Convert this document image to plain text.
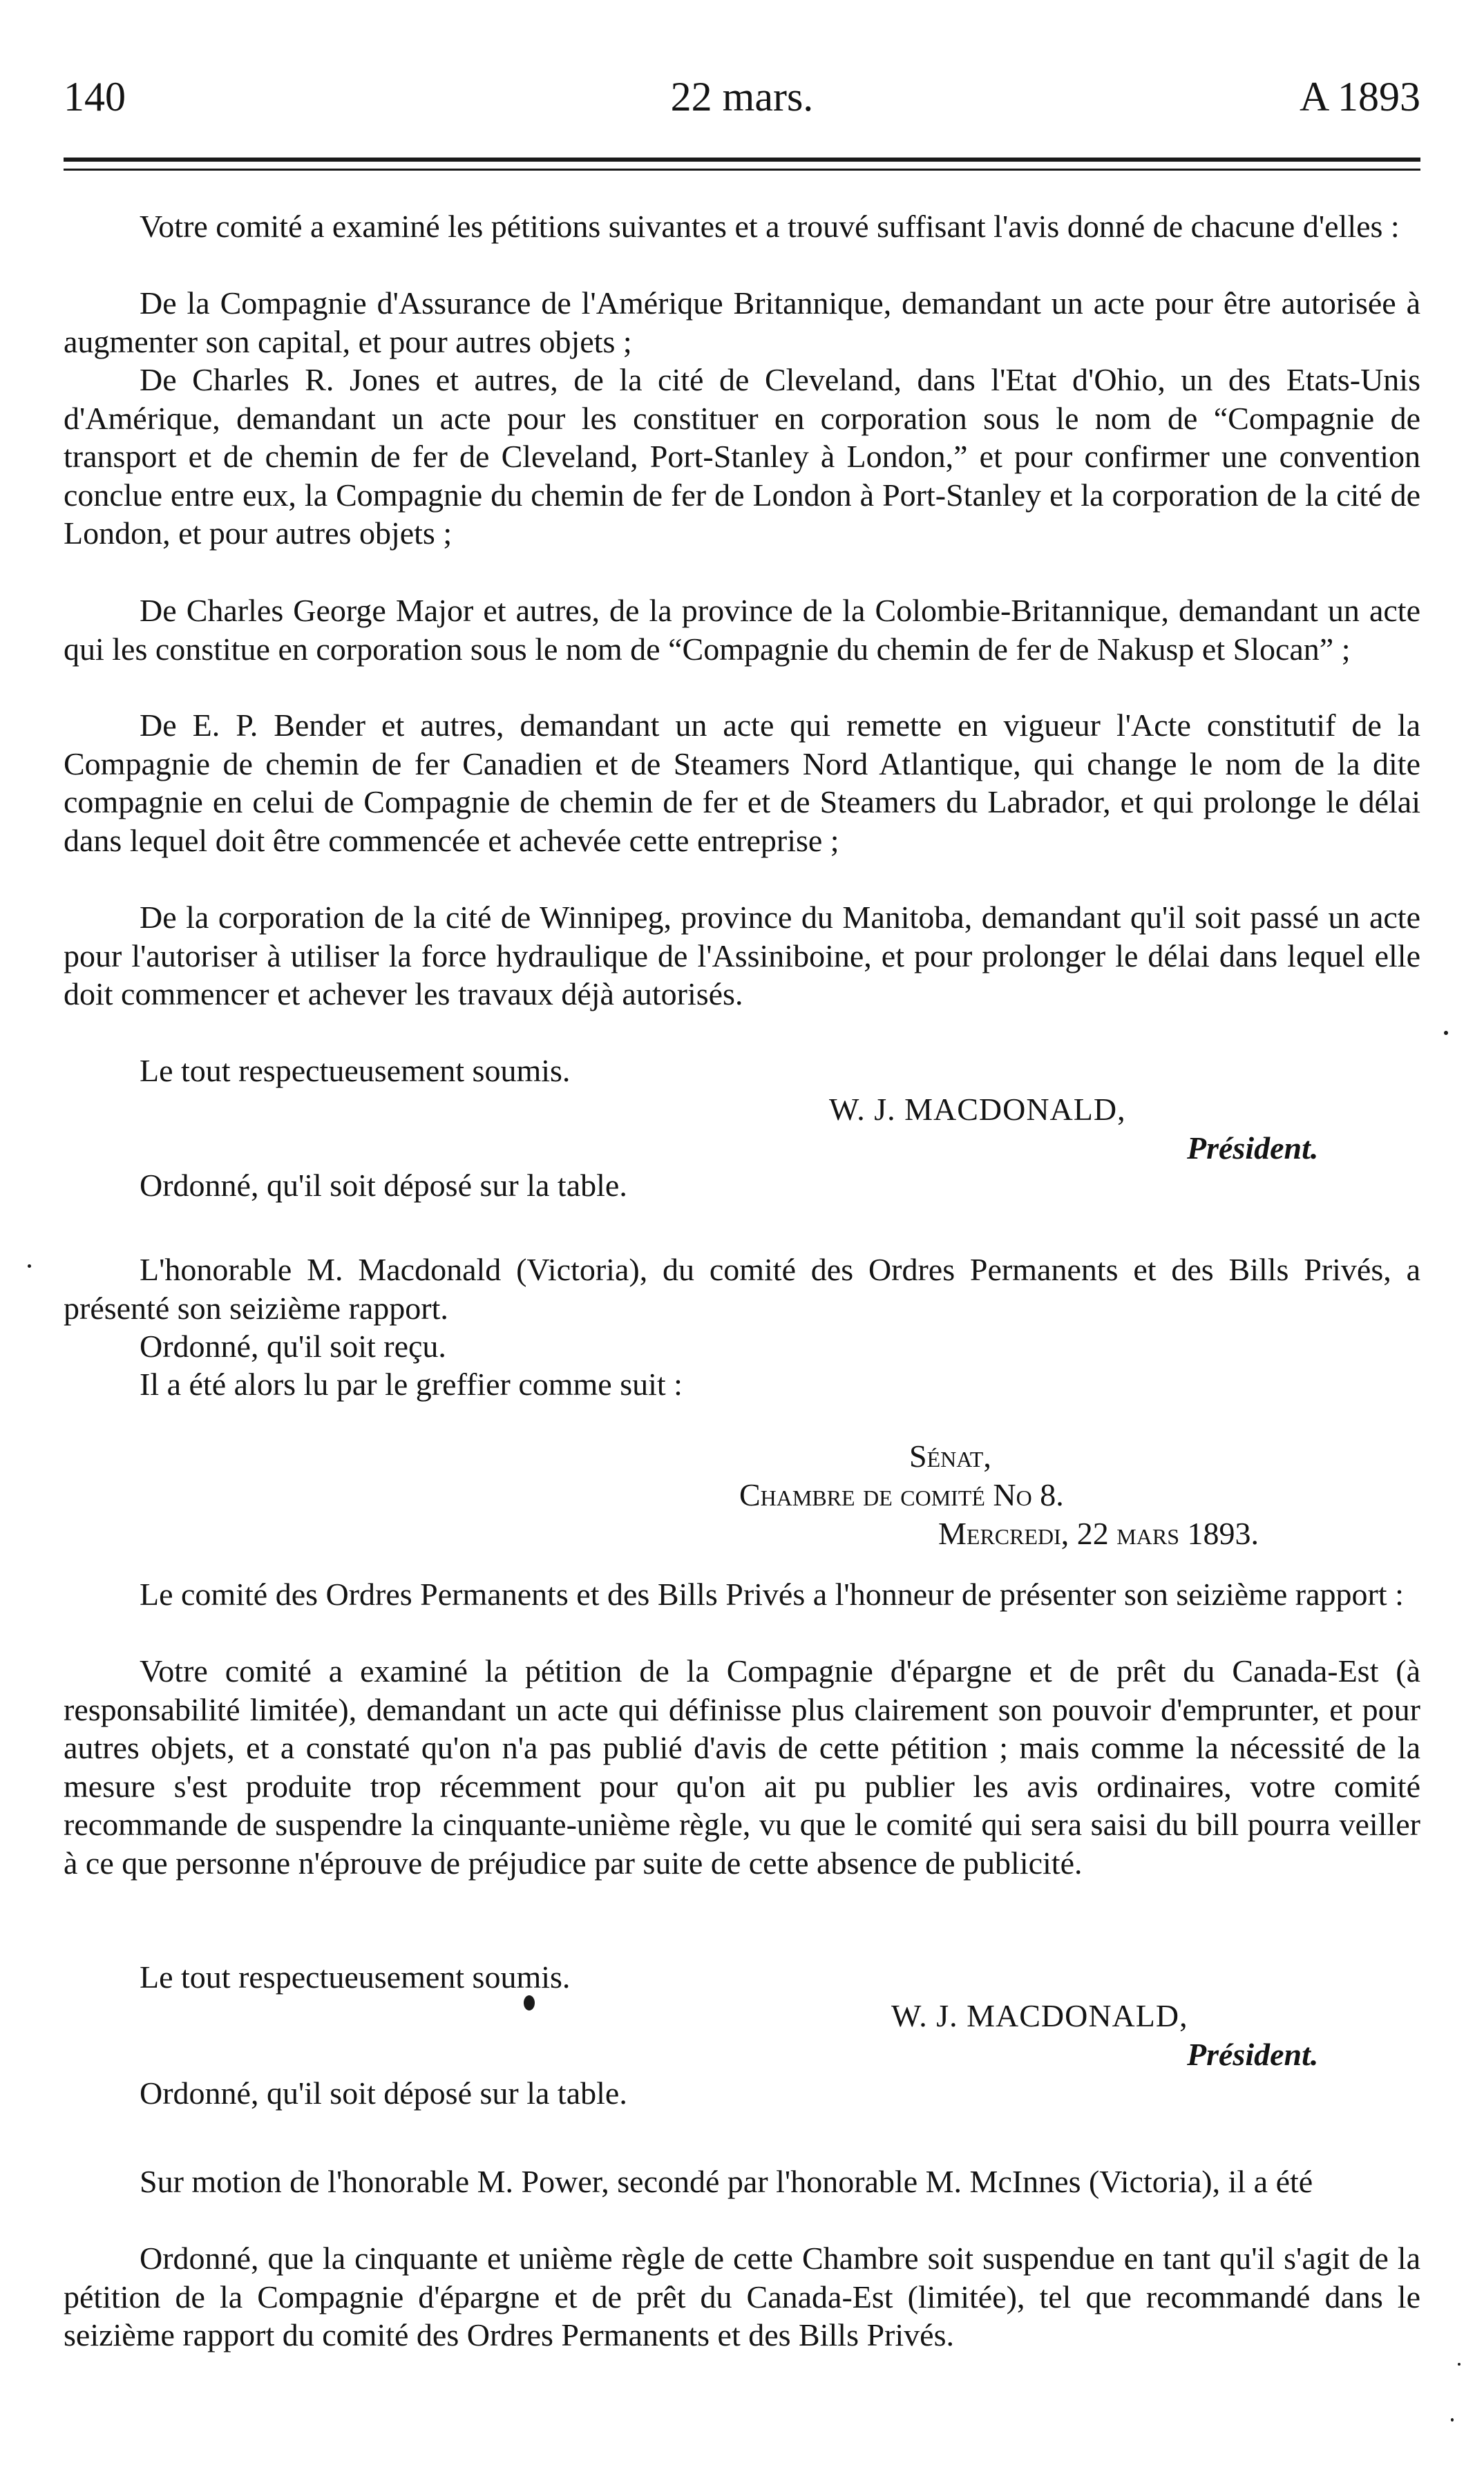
140	22 mars.	A 1893

Votre comité a examiné les pétitions suivantes et a trouvé suffisant l'avis donné de chacune d'elles :

De la Compagnie d'Assurance de l'Amérique Britannique, demandant un acte pour être autorisée à augmenter son capital, et pour autres objets ;

De Charles R. Jones et autres, de la cité de Cleveland, dans l'Etat d'Ohio, un des Etats-Unis d'Amérique, demandant un acte pour les constituer en corporation sous le nom de “Compagnie de transport et de chemin de fer de Cleveland, Port-Stanley à London,” et pour confirmer une convention conclue entre eux, la Compagnie du chemin de fer de London à Port-Stanley et la corporation de la cité de London, et pour autres objets ;

De Charles George Major et autres, de la province de la Colombie-Britannique, demandant un acte qui les constitue en corporation sous le nom de “Compagnie du chemin de fer de Nakusp et Slocan” ;

De E. P. Bender et autres, demandant un acte qui remette en vigueur l'Acte constitutif de la Compagnie de chemin de fer Canadien et de Steamers Nord Atlantique, qui change le nom de la dite compagnie en celui de Compagnie de chemin de fer et de Steamers du Labrador, et qui prolonge le délai dans lequel doit être commencée et achevée cette entreprise ;

De la corporation de la cité de Winnipeg, province du Manitoba, demandant qu'il soit passé un acte pour l'autoriser à utiliser la force hydraulique de l'Assiniboine, et pour prolonger le délai dans lequel elle doit commencer et achever les travaux déjà autorisés.

Le tout respectueusement soumis.

W. J. MACDONALD,
Président.

Ordonné, qu'il soit déposé sur la table.

L'honorable M. Macdonald (Victoria), du comité des Ordres Permanents et des Bills Privés, a présenté son seizième rapport.

Ordonné, qu'il soit reçu.

Il a été alors lu par le greffier comme suit :

Sénat,
Chambre de comité No 8.
Mercredi, 22 mars 1893.

Le comité des Ordres Permanents et des Bills Privés a l'honneur de présenter son seizième rapport :

Votre comité a examiné la pétition de la Compagnie d'épargne et de prêt du Canada-Est (à responsabilité limitée), demandant un acte qui définisse plus clairement son pouvoir d'emprunter, et pour autres objets, et a constaté qu'on n'a pas publié d'avis de cette pétition ; mais comme la nécessité de la mesure s'est produite trop récemment pour qu'on ait pu publier les avis ordinaires, votre comité recommande de suspendre la cinquante-unième règle, vu que le comité qui sera saisi du bill pourra veiller à ce que personne n'éprouve de préjudice par suite de cette absence de publicité.

Le tout respectueusement soumis.

W. J. MACDONALD,
Président.

Ordonné, qu'il soit déposé sur la table.

Sur motion de l'honorable M. Power, secondé par l'honorable M. McInnes (Victoria), il a été

Ordonné, que la cinquante et unième règle de cette Chambre soit suspendue en tant qu'il s'agit de la pétition de la Compagnie d'épargne et de prêt du Canada-Est (limitée), tel que recommandé dans le seizième rapport du comité des Ordres Permanents et des Bills Privés.
